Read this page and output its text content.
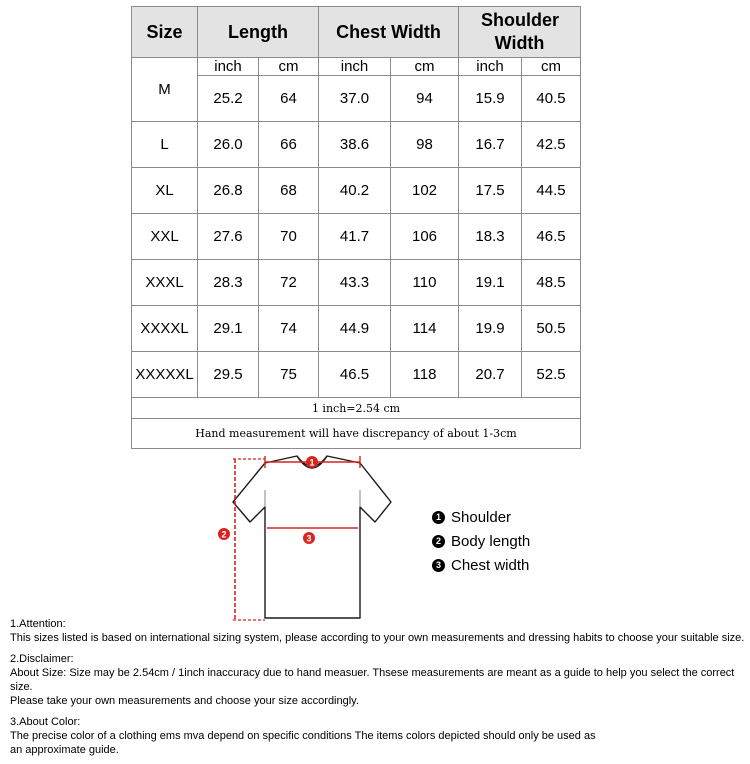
Size	Length		Chest Width		Shoulder Width	
M	inch	cm	inch	cm	inch	cm
	25.2	64	37.0	94	15.9	40.5
L	26.0	66	38.6	98	16.7	42.5
XL	26.8	68	40.2	102	17.5	44.5
XXL	27.6	70	41.7	106	18.3	46.5
XXXL	28.3	72	43.3	110	19.1	48.5
XXXXL	29.1	74	44.9	114	19.9	50.5
XXXXXL	29.5	75	46.5	118	20.7	52.5
1 inch=2.54 cm						
Hand measurement will have discrepancy of about 1-3cm						
1
2	3
1 Shoulder
2 Body length
3 Chest width

1.Attention:

This sizes listed is based on international sizing system, please according to your own measurements and dressing habits to choose your suitable size.

2.Disclaimer:

About Size: Size may be 2.54cm / 1inch inaccuracy due to hand measuer. Thsese measurements are meant as a guide to help you select the correct size.

Please take your own measurements and choose your size accordingly.

3.About Color:

The precise color of a clothing ems mva depend on specific conditions The items colors depicted should only be used as

an approximate guide.
